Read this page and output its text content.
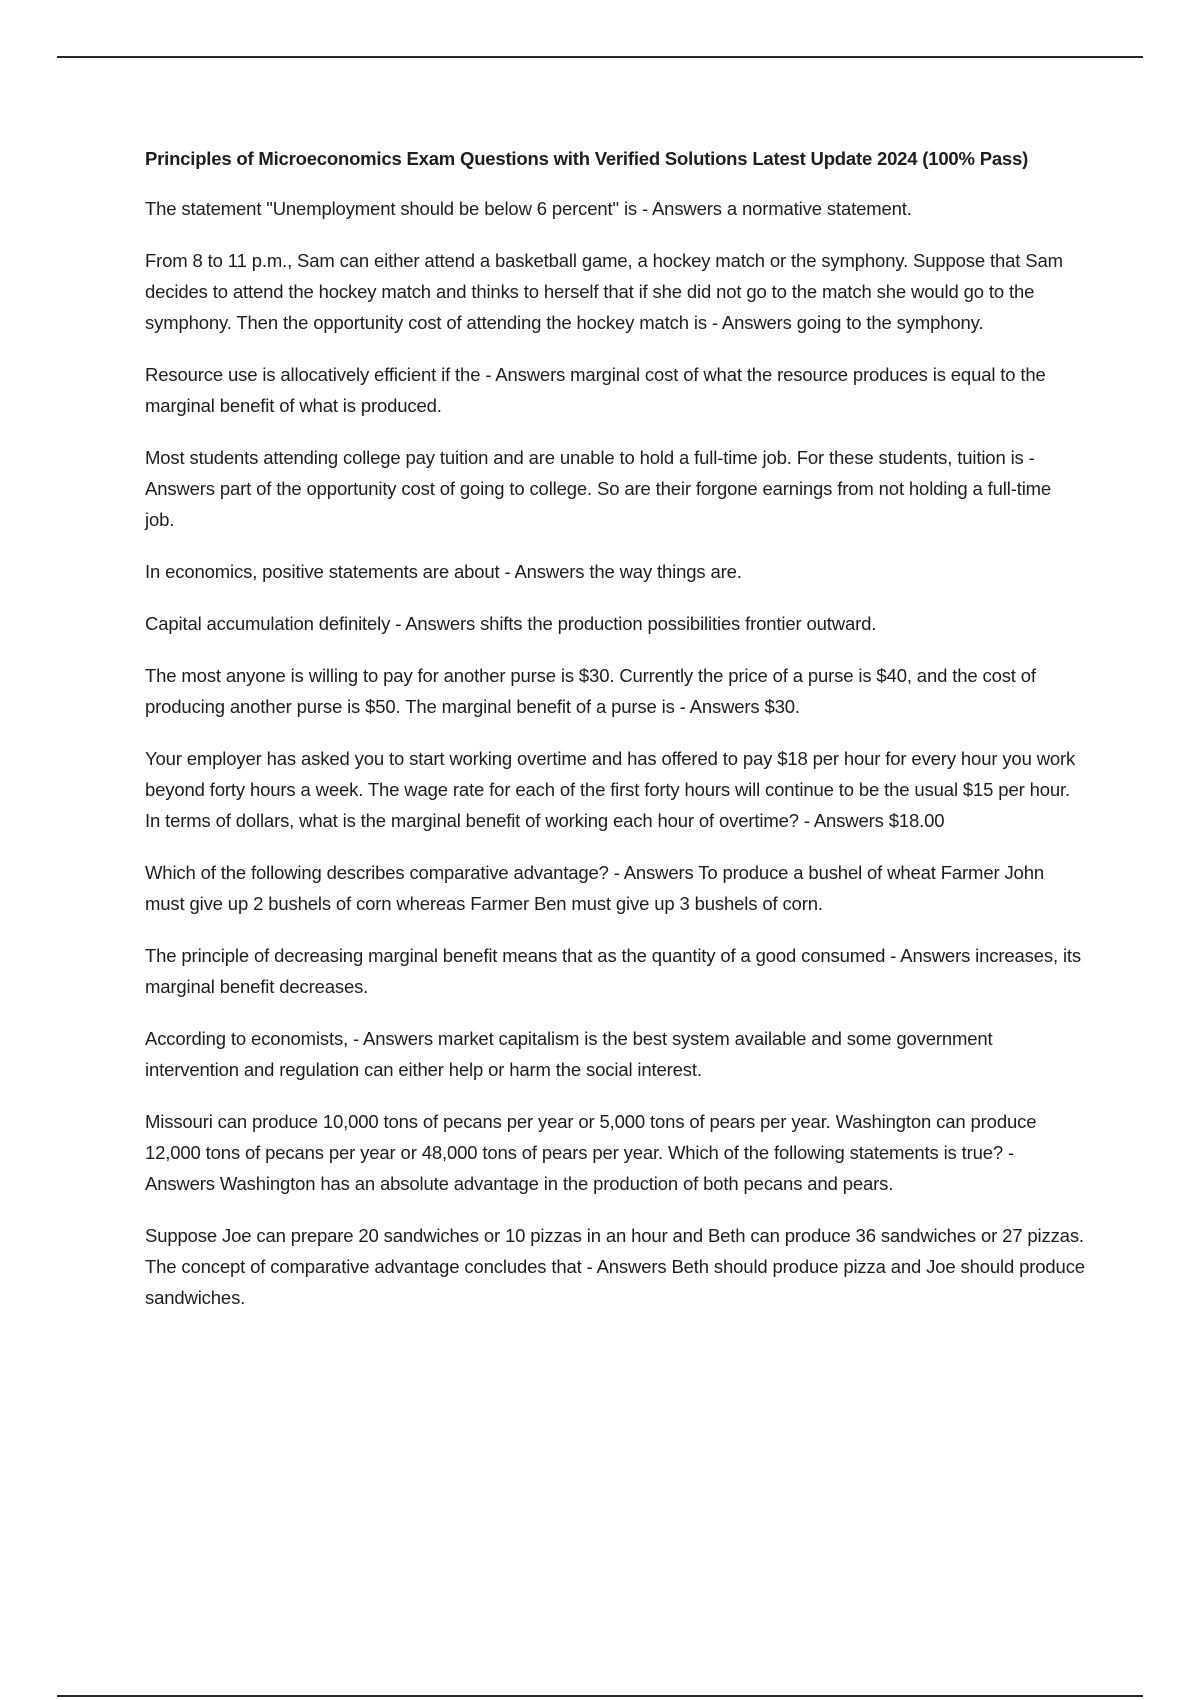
Principles of Microeconomics Exam Questions with Verified Solutions Latest Update 2024 (100% Pass)

The statement "Unemployment should be below 6 percent" is - Answers a normative statement.

From 8 to 11 p.m., Sam can either attend a basketball game, a hockey match or the symphony. Suppose that Sam decides to attend the hockey match and thinks to herself that if she did not go to the match she would go to the symphony. Then the opportunity cost of attending the hockey match is - Answers going to the symphony.

Resource use is allocatively efficient if the - Answers marginal cost of what the resource produces is equal to the marginal benefit of what is produced.

Most students attending college pay tuition and are unable to hold a full-time job. For these students, tuition is - Answers part of the opportunity cost of going to college. So are their forgone earnings from not holding a full-time job.

In economics, positive statements are about - Answers the way things are.

Capital accumulation definitely - Answers shifts the production possibilities frontier outward.

The most anyone is willing to pay for another purse is $30. Currently the price of a purse is $40, and the cost of producing another purse is $50. The marginal benefit of a purse is - Answers $30.

Your employer has asked you to start working overtime and has offered to pay $18 per hour for every hour you work beyond forty hours a week. The wage rate for each of the first forty hours will continue to be the usual $15 per hour. In terms of dollars, what is the marginal benefit of working each hour of overtime? - Answers $18.00

Which of the following describes comparative advantage? - Answers To produce a bushel of wheat Farmer John must give up 2 bushels of corn whereas Farmer Ben must give up 3 bushels of corn.

The principle of decreasing marginal benefit means that as the quantity of a good consumed - Answers increases, its marginal benefit decreases.

According to economists, - Answers market capitalism is the best system available and some government intervention and regulation can either help or harm the social interest.

Missouri can produce 10,000 tons of pecans per year or 5,000 tons of pears per year. Washington can produce 12,000 tons of pecans per year or 48,000 tons of pears per year. Which of the following statements is true? - Answers Washington has an absolute advantage in the production of both pecans and pears.

Suppose Joe can prepare 20 sandwiches or 10 pizzas in an hour and Beth can produce 36 sandwiches or 27 pizzas. The concept of comparative advantage concludes that - Answers Beth should produce pizza and Joe should produce sandwiches.
